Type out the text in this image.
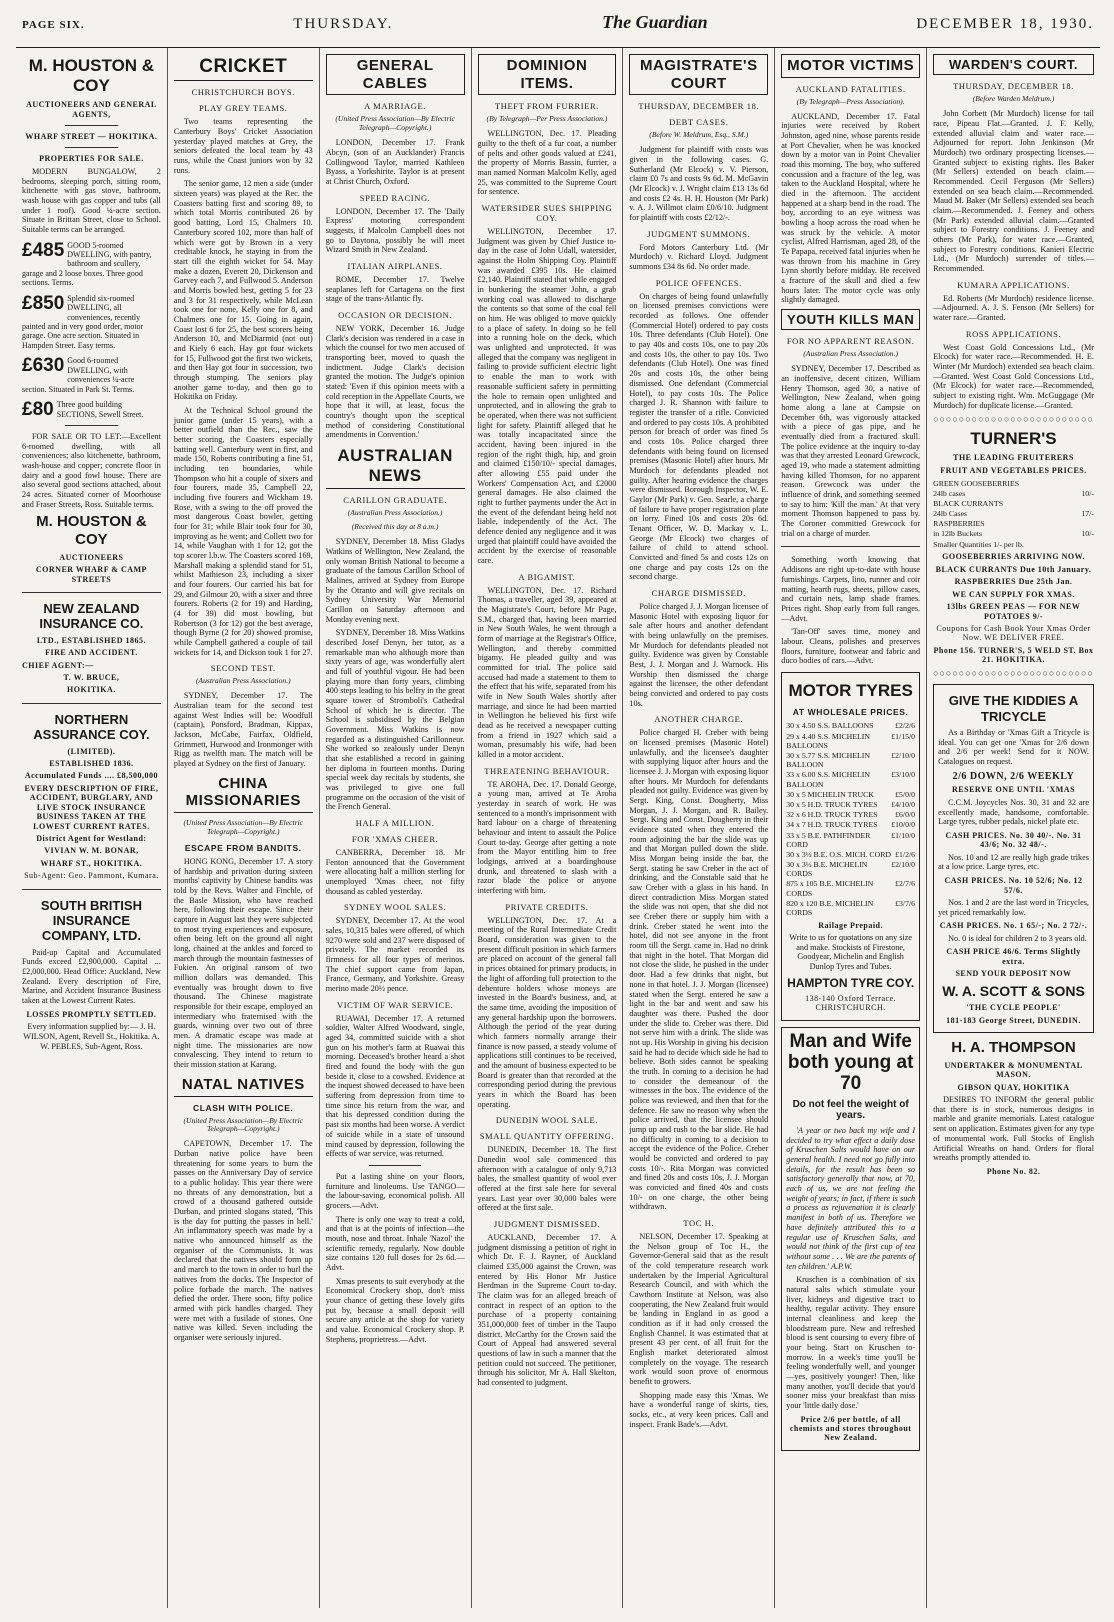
PAGE SIX.	THURSDAY.	The Guardian	DECEMBER 18, 1930.
M. HOUSTON & COY
AUCTIONEERS AND GENERAL AGENTS,
WHARF STREET — HOKITIKA.
PROPERTIES FOR SALE.

MODERN BUNGALOW, 2 bedrooms, sleeping porch, sitting room, kitchenette with gas stove, bathroom, wash house with gas copper and tubs (all under 1 roof). Good ¼-acre section. Situate in Brittan Street, close to School. Suitable terms can be arranged.

£485 GOOD 5-roomed DWELLING, with pantry, bathroom and scullery, garage and 2 loose boxes. Three good sections. Terms.
£850 Splendid six-roomed DWELLING, all conveniences, recently painted and in very good order, motor garage. One acre section. Situated in Hampden Street. Easy terms.
£630 Good 6-roomed DWELLING, with conveniences ¼-acre section. Situated in Park St. Terms.
£80 Three good building SECTIONS, Sewell Street.

FOR SALE OR TO LET:—Excellent 6-roomed dwelling, with all conveniences; also kitchenette, bathroom, wash-house and copper; concrete floor in dairy and a good fowl house. There are also several good sections attached, about 24 acres. Situated corner of Moorhouse and Fraser Streets, Ross. Suitable terms.

M. HOUSTON & COY
AUCTIONEERS
CORNER WHARF & CAMP STREETS
NEW ZEALAND INSURANCE CO.
LTD., ESTABLISHED 1865.
FIRE AND ACCIDENT.
CHIEF AGENT:—
T. W. BRUCE,
HOKITIKA.
NORTHERN ASSURANCE COY.
(LIMITED).
ESTABLISHED 1836.
Accumulated Funds .... £8,500,000

EVERY DESCRIPTION OF FIRE, ACCIDENT, BURGLARY, AND LIVE STOCK INSURANCE BUSINESS TAKEN AT THE LOWEST CURRENT RATES.

District Agent for Westland:
VIVIAN W. M. BONAR,
WHARF ST., HOKITIKA.
Sub-Agent: Geo. Pammont, Kumara.
SOUTH BRITISH INSURANCE COMPANY, LTD.

Paid-up Capital and Accumulated Funds exceed £2,900,000. Capital ... £2,000,000. Head Office: Auckland, New Zealand. Every description of Fire, Marine, and Accident Insurance Business taken at the Lowest Current Rates.

LOSSES PROMPTLY SETTLED.

Every information supplied by:— J. H. WILSON, Agent, Revell St., Hokitika. A. W. PEBLES, Sub-Agent, Ross.

CRICKET
CHRISTCHURCH BOYS.
PLAY GREY TEAMS.

Two teams representing the Canterbury Boys' Cricket Association yesterday played matches at Grey, the seniors defeated the local team by 43 runs, while the Coast juniors won by 32 runs.

The senior game, 12 men a side (under sixteen years) was played at the Rec. the Coasters batting first and scoring 89, to which total Morris contributed 26 by good batting, Lord 15, Chalmers 10. Canterbury scored 102, more than half of which were got by Brown in a very creditable knock, he staying in from the start till the eighth wicket for 54. May make a dozen, Everett 20, Dickenson and Garvey each 7, and Fullwood 5. Anderson and Morris bowled best, getting 5 for 23 and 3 for 31 respectively, while McLean took one for none, Kelly one for 8, and Chalmers one for 15. Going in again, Coast lost 6 for 25, the best scorers being Anderson 10, and McDiarmid (not out) and Kiely 6 each. Hay got four wickets for 15, Fullwood got the first two wickets, and then Hay got four in succession, two through stumping. The seniors play another game to-day, and then go to Hokitika on Friday.

At the Technical School ground the junior game (under 15 years), with a better outfield than the Rec., saw the better scoring, the Coasters especially batting well. Canterbury went in first, and made 150, Roberts contributing a fine 51, including ten boundaries, while Thompson who hit a couple of sixers and four fourers, made 35, Campbell 22, including five fourers and Wickham 19. Rose, with a swing to the off proved the most dangerous Coast bowler, getting four for 31; while Blair took four for 30, improving as he went; and Collett two for 14, while Vaughan with 1 for 12, got the top scorer l.b.w. The Coasters scored 169, Marshall making a splendid stand for 51, whilst Mathieson 23, including a sixer and four fourers. Our carried his bat for 29, and Gilmour 20, with a sixer and three fourers. Roberts (2 for 19) and Harding, (4 for 39) did most bowling, but Robertson (3 for 12) got the best average, though Byrne (2 for 20) showed promise, while Campbell gathered a couple of tail wickets for 14, and Dickson took 1 for 27.

SECOND TEST.
(Australian Press Association.)

SYDNEY, December 17. The Australian team for the second test against West Indies will be: Woodfull (captain), Ponsford, Bradman, Kippax, Jackson, McCabe, Fairfax, Oldfield, Grimmett, Hurwood and Ironmonger with Rigg as twelfth man. The match will be played at Sydney on the first of January.

CHINA MISSIONARIES
(United Press Association—By Electric Telegraph—Copyright.)
ESCAPE FROM BANDITS.

HONG KONG, December 17. A story of hardship and privation during sixteen months' captivity by Chinese bandits was told by the Revs. Walter and Finchle, of the Basle Mission, who have reached here, following their escape. Since their capture in August last they were subjected to most trying experiences and exposure, often being left on the ground all night long, chained at the ankles and forced to march through the mountain fastnesses of Fukien. An original ransom of two million dollars was demanded. This eventually was brought down to five thousand. The Chinese magistrate responsible for their escape, employed an intermediary who fraternised with the guards, winning over two out of three men. A dramatic escape was made at night time. The missionaries are now convalescing. They intend to return to their mission station at Karang.

NATAL NATIVES
CLASH WITH POLICE.
(United Press Association—By Electric Telegraph—Copyright.)

CAPETOWN, December 17. The Durban native police have been threatening for some years to burn the passes on the Anniversary Day of service to a public holiday. This year there were no threats of any demonstration, but a crowd of a thousand gathered outside Durban, and printed slogans stated, 'This is the day for putting the passes in hell.' An inflammatory speech was made by a native who announced himself as the organiser of the Communists. It was declared that the natives should form up and march to the town in order to hurl the natives from the docks. The Inspector of police forbade the march. The natives defied the order. There soon, fifty police armed with pick handles charged. They were met with a fusilade of stones. One native was killed. Seven including the organiser were seriously injured.

GENERAL CABLES
A MARRIAGE.
(United Press Association—By Electric Telegraph—Copyright.)

LONDON, December 17. Frank Abcyn, (son of an Aucklander) Francis Collingwood Taylor, married Kathleen Byass, a Yorkshirite. Taylor is at present at Christ Church, Oxford.

SPEED RACING.

LONDON, December 17. The 'Daily Express' motoring correspondent suggests, if Malcolm Campbell does not go to Daytona, possibly he will meet Wizard Smith in New Zealand.

ITALIAN AIRPLANES.

ROME, December 17. Twelve seaplanes left for Cartagena on the first stage of the trans-Atlantic fly.

OCCASION OR DECISION.

NEW YORK, December 16. Judge Clark's decision was rendered in a case in which the counsel for two men accused of transporting beer, moved to quash the indictment. Judge Clark's decision granted the motion. The Judge's opinion stated: 'Even if this opinion meets with a cold reception in the Appellate Courts, we hope that it will, at least, focus the country's thought upon the sceptical method of considering Constitutional amendments in Convention.'

AUSTRALIAN NEWS
CARILLON GRADUATE.
(Australian Press Association.)
(Received this day at 8 a.m.)

SYDNEY, December 18. Miss Gladys Watkins of Wellington, New Zealand, the only woman British National to become a graduate of the famous Carillon School of Malines, arrived at Sydney from Europe by the Otranto and will give recitals on Sydney University War Memorial Carillon on Saturday afternoon and Monday evening next.

SYDNEY, December 18. Miss Watkins described Josef Denyn, her tutor, as a remarkable man who although more than sixty years of age, was wonderfully alert and full of youthful vigour. He had been playing more than forty years, climbing 400 steps leading to his belfry in the great square tower of Stromboli's Cathedral School of which he is director. The School is subsidised by the Belgian Government. Miss Watkins is now regarded as a distinguished Carillonneur. She worked so zealously under Denyn that she established a record in gaining her diploma in fourteen months. During special week day recitals by students, she was privileged to give one full programme on the occasion of the visit of the French General.

HALF A MILLION.
FOR 'XMAS CHEER.

CANBERRA, December 18. Mr Fenton announced that the Government were allocating half a million sterling for unemployed 'Xmas cheer, not fifty thousand as cabled yesterday.

SYDNEY WOOL SALES.

SYDNEY, December 17. At the wool sales, 10,315 bales were offered, of which 9270 were sold and 237 were disposed of privately. The market recorded its firmness for all four types of merinos. The chief support came from Japan, France, Germany, and Yorkshire. Greasy merino made 20½ pence.

VICTIM OF WAR SERVICE.

RUAWAI, December 17. A returned soldier, Walter Alfred Woodward, single, aged 34, committed suicide with a shot gun on his mother's farm at Ruawai this morning. Deceased's brother heard a shot fired and found the body with the gun beside it, close to a cowshed. Evidence at the inquest showed deceased to have been suffering from depression from time to time since his return from the war, and that his depressed condition during the past six months had been worse. A verdict of suicide while in a state of unsound mind caused by depression, following the effects of war service, was returned.

Put a lasting shine on your floors, furniture and linoleums. Use TANGO—the labour-saving, economical polish. All grocers.—Advt.

There is only one way to treat a cold, and that is at the points of infection—the mouth, nose and throat. Inhale 'Nazol' the scientific remedy, regularly. Now double size contains 120 full doses for 2s 6d.—Advt.

Xmas presents to suit everybody at the Economical Crockery shop, don't miss your chance of getting these lovely gifts put by, because a small deposit will secure any article at the shop for variety and value. Economical Crockery shop. P. Stephens, proprietress.—Advt.

DOMINION ITEMS.
THEFT FROM FURRIER.
(By Telegraph—Per Press Association.)

WELLINGTON, Dec. 17. Pleading guilty to the theft of a fur coat, a number of pelts and other goods valued at £241, the property of Morris Bassin, furrier, a man named Norman Malcolm Kelly, aged 25, was committed to the Supreme Court for sentence.

WATERSIDER SUES SHIPPING COY.

WELLINGTON, December 17. Judgment was given by Chief Justice to-day in the case of John Udall, watersider, against the Holm Shipping Coy. Plaintiff was awarded £395 10s. He claimed £2,140. Plaintiff stated that while engaged in bunkering the steamer John, a grab working coal was allowed to discharge the contents so that some of the coal fell on him. He was obliged to move quickly to a place of safety. In doing so he fell into a running hole on the deck, which was unlighted and unprotected. It was alleged that the company was negligent in failing to provide sufficient electric light to enable the man to work with reasonable sufficient safety in permitting the hole to remain open unlighted and unprotected, and in allowing the grab to be operated, when there was not sufficient light for safety. Plaintiff alleged that he was totally incapacitated since the accident, having been injured in the region of the right thigh, hip, and groin and claimed £150/10/- special damages, after allowing £55 paid under the Workers' Compensation Act, and £2000 general damages. He also claimed the right to further payments under the Act in the event of the defendant being held not liable, independently of the Act. The defence denied any negligence and it was urged that plaintiff could have avoided the accident by the exercise of reasonable care.

A BIGAMIST.

WELLINGTON, Dec. 17. Richard Thomas, a traveller, aged 39, appeared at the Magistrate's Court, before Mr Page, S.M., charged that, having been married in New South Wales, he went through a form of marriage at the Registrar's Office, Wellington, and thereby committed bigamy. He pleaded guilty and was committed for trial. The police said accused had made a statement to them to the effect that his wife, separated from his wife in New South Wales shortly after marriage, and since he had been married in Wellington he believed his first wife dead as he received a newspaper cutting from a friend in 1927 which said a woman, presumably his wife, had been killed in a motor accident.

THREATENING BEHAVIOUR.

TE AROHA, Dec. 17. Donald George, a young man, arrived at Te Aroha yesterday in search of work. He was sentenced to a month's imprisonment with hard labour on a charge of threatening behaviour and intent to assault the Police Court to-day. George after getting a note from the Mayor entitling him to free lodgings, arrived at a boardinghouse drunk, and threatened to slash with a razor blade the police or anyone interfering with him.

PRIVATE CREDITS.

WELLINGTON, Dec. 17. At a meeting of the Rural Intermediate Credit Board, consideration was given to the present difficult position in which farmers are placed on account of the general fall in prices obtained for primary products, in the light of affording full protection to the debenture holders whose moneys are invested in the Board's business, and, at the same time, avoiding the imposition of any general hardship upon the borrowers. Although the period of the year during which farmers normally arrange their finance is now passed, a steady volume of applications still continues to be received, and the amount of business expected to be Board is greater than that recorded at the corresponding period during the previous years in which the Board has been operating.

DUNEDIN WOOL SALE.
SMALL QUANTITY OFFERING.

DUNEDIN, December 18. The first Dunedin wool sale commenced this afternoon with a catalogue of only 9,713 bales, the smallest quantity of wool ever offered at the first sale here for several years. Last year over 30,000 bales were offered at the first sale.

JUDGMENT DISMISSED.

AUCKLAND, December 17. A judgment dismissing a petition of right in which Dr. F. J. Rayner, of Auckland claimed £35,000 against the Crown, was entered by His Honor Mr Justice Herdman in the Supreme Court to-day. The claim was for an alleged breach of contract in respect of an option to the purchase of a property containing 351,000,000 feet of timber in the Taupo district. McCarthy for the Crown said the Court of Appeal had answered several questions of law in such a manner that the petition could not succeed. The petitioner, through his solicitor, Mr A. Hall Skelton, had consented to judgment.

MAGISTRATE'S COURT
THURSDAY, DECEMBER 18.
DEBT CASES.
(Before W. Meldrum, Esq., S.M.)

Judgment for plaintiff with costs was given in the following cases. G. Sutherland (Mr Elcock) v. V. Pierson, claim £0 7s and costs 9s 6d. M. McGavin (Mr Elcock) v. J. Wright claim £13 13s 6d and costs £2 4s. H. H. Houston (Mr Park) v. A. J. Willmot claim £0/6/10. Judgment for plaintiff with costs £2/12/-.

JUDGMENT SUMMONS.

Ford Motors Canterbury Ltd. (Mr Murdoch) v. Richard Lloyd. Judgment summons £34 8s 6d. No order made.

POLICE OFFENCES.

On charges of being found unlawfully on licensed premises convictions were recorded as follows. One offender (Commercial Hotel) ordered to pay costs 10s. Three defendants (Club Hotel). One to pay 40s and costs 10s, one to pay 20s and costs 10s, the other to pay 10s. Two defendants (Club Hotel). One was fined 20s and costs 10s, the other being dismissed. One defendant (Commercial Hotel), to pay costs 10s. The Police charged J. R. Shannon with failure to register the transfer of a rifle. Convicted and ordered to pay costs 10s. A prohibited person for breach of order was fined 5s and costs 10s. Police charged three defendants with being found on licensed premises (Masonic Hotel) after hours. Mr Murdoch for defendants pleaded not guilty. After hearing evidence the charges were dismissed. Borough Inspector, W. E. Gaylor (Mr Park) v. Geo. Searle, a charge of failure to have proper registration plate on lorry. Fined 10s and costs 20s 6d. Tenant Officer, W. D. Mackay v. L. George (Mr Elcock) two charges of failure of child to attend school. Convicted and fined 5s and costs 12s on one charge and pay costs 12s on the second charge.

CHARGE DISMISSED.

Police charged J. J. Morgan licensee of Masonic Hotel with exposing liquor for sale after hours and another defendant with being unlawfully on the premises. Mr Murdoch for defendants pleaded not guilty. Evidence was given by Constable Best, J. J. Morgan and J. Warnock. His Worship then dismissed the charge against the licensee, the other defendant being convicted and ordered to pay costs 10s.

ANOTHER CHARGE.

Police charged H. Creber with being on licensed premises (Masonic Hotel) unlawfully, and the licensee's daughter with supplying liquor after hours and the licensee J. J. Morgan with exposing liquor after hours. Mr Murdoch for defendants pleaded not guilty. Evidence was given by Sergt. King, Const. Dougherty, Miss Morgan, J. J. Morgan, and R. Bailey. Sergt. King and Const. Dougherty in their evidence stated when they entered the room adjoining the bar the slide was up and that Morgan pulled down the slide. Miss Morgan being inside the bar, the Sergt. stating he saw Creber in the act of drinking, and the Constable said that he saw Creber with a glass in his hand. In direct contradiction Miss Morgan stated the slide was not open, that she did not see Creber there or supply him with a drink. Creber stated he went into the hotel, did not see anyone in the front room till the Sergt. came in. Had no drink that night in the hotel. That Morgan did not close the slide, he pushed in the under door. Had a few drinks that night, but none in that hotel. J. J. Morgan (licensee) stated when the Sergt. entered he saw a light in the bar and went and saw his daughter was there. Pushed the door under the slide to. Creber was there. Did not serve him with a drink. The slide was not up. His Worship in giving his decision said he had to decide which side he had to believe. Both sides cannot be speaking the truth. In coming to a decision he had to consider the demeanour of the witnesses in the box. The evidence of the police was reviewed, and then that for the defence. He saw no reason why when the police arrived, that the licensee should jump up and rush to the bar slide. He had no difficulty in coming to a decision to accept the evidence of the Police. Creber would be convicted and ordered to pay costs 10/-. Rita Morgan was convicted and fined 20s and costs 10s, J. J. Morgan was convicted and fined 40s and costs 10/- on one charge, the other being withdrawn.

TOC H.

NELSON, December 17. Speaking at the Nelson group of Toc H., the Governor-General said that as the result of the cold temperature research work undertaken by the Imperial Agricultural Research Council, and with which the Cawthorn Institute at Nelson, was also cooperating, the New Zealand fruit would be landing in England in as good a condition as if it had only crossed the English Channel. It was estimated that at present 43 per cent. of all fruit for the English market deteriorated almost completely on the voyage. The research work would soon prove of enormous benefit to growers.

Shopping made easy this 'Xmas. We have a wonderful range of skirts, ties, socks, etc., at very keen prices. Call and inspect. Frank Bade's.—Advt.

MOTOR VICTIMS
AUCKLAND FATALITIES.
(By Telegraph—Press Association).

AUCKLAND, December 17. Fatal injuries were received by Robert Johnston, aged nine, whose parents reside at Port Chevalier, when he was knocked down by a motor van in Point Chevalier road this morning. The boy, who suffered concussion and a fracture of the leg, was taken to the Auckland Hospital, where he died in the afternoon. The accident happened at a sharp bend in the road. The boy, according to an eye witness was bowling a hoop across the road when he was struck by the vehicle. A motor cyclist, Alfred Harrisman, aged 28, of the Te Papapa, received fatal injuries when he was thrown from his machine in Grey Lynn shortly before midday. He received a fracture of the skull and died a few hours later. The motor cycle was only slightly damaged.

YOUTH KILLS MAN
FOR NO APPARENT REASON.
(Australian Press Association.)

SYDNEY, December 17. Described as an inoffensive, decent citizen, William Henry Thomson, aged 30, a native of Wellington, New Zealand, when going home along a lane at Campsie on December 6th, was vigorously attacked with a piece of gas pipe, and he eventually died from a fractured skull. The police evidence at the inquiry to-day was that they arrested Leonard Grewcock, aged 19, who made a statement admitting having killed Thomson, for no apparent reason. Grewcock was under the influence of drink, and something seemed to say to him: 'Kill the man.' At that very moment Thomson happened to pass by. The Coroner committed Grewcock for trial on a charge of murder.

Something worth knowing that Addisons are right up-to-date with house furnishings. Carpets, lino, runner and coir matting, hearth rugs, sheets, pillow cases, and curtain nets, lamp shade frames. Prices right. Shop early from full ranges.—Advt.

'Tan-Off' saves time, money and labour. Cleans, polishes and preserves floors, furniture, footwear and fabric and duco bodies of cars.—Advt.

MOTOR TYRES
AT WHOLESALE PRICES.
30 x 4.50 S.S. BALLOONS	£2/2/6
29 x 4.40 S.S. MICHELIN BALLOONS	£1/15/0
30 x 5.77 S.S. MICHELIN BALLOON	£2/10/0
33 x 6.00 S.S. MICHELIN BALLOON	£3/10/0
30 x 5 MICHELIN TRUCK	£5/0/0
30 x 5 H.D. TRUCK TYRES	£4/10/0
32 x 6 H.D. TRUCK TYRES	£6/0/0
34 x 7 H.D. TRUCK TYRES	£10/0/0
33 x 5 B.E. PATHFINDER CORD	£1/10/0
30 x 3½ B.E. O.S. MICH. CORD	£1/2/6
30 x 3½ B.E. MICHELIN CORDS	£2/10/0
875 x 105 B.E. MICHELIN CORDS	£2/7/6
820 x 120 B.E. MICHELIN CORDS	£3/7/6
Railage Prepaid.

Write to us for quotations on any size and make. Stockists of Firestone, Goodyear, Michelin and English Dunlop Tyres and Tubes.

HAMPTON TYRE COY.
138-140 Oxford Terrace. CHRISTCHURCH.
Man and Wife both young at 70
Do not feel the weight of years.

'A year or two back my wife and I decided to try what effect a daily dose of Kruschen Salts would have on our general health. I need not go fully into details, for the result has been so satisfactory generally that now, at 70, each of us, we are not feeling the weight of years; in fact, if there is such a process as rejuvenation it is clearly manifest in both of us. Therefore we have definitely attributed this to a regular use of Kruschen Salts, and would not think of the first cup of tea without some . . . We are the parents of ten children.' A.P.W.

Kruschen is a combination of six natural salts which stimulate your liver, kidneys and digestive tract to healthy, regular activity. They ensure internal cleanliness and keep the bloodstream pure. New and refreshed blood is sent coursing to every fibre of your being. Start on Kruschen to-morrow. In a week's time you'll be feeling wonderfully well, and younger—yes, positively younger! Then, like many another, you'll decide that you'd sooner miss your breakfast than miss your 'little daily dose.'

Price 2/6 per bottle, of all chemists and stores throughout New Zealand.
WARDEN'S COURT.
THURSDAY, DECEMBER 18.
(Before Warden Meldrum.)

John Corbett (Mr Murdoch) license for tail race, Pipeau Flat.—Granted. J. F. Kelly, extended alluvial claim and water race.—Adjourned for report. John Jenkinson (Mr Murdoch) two ordinary prospecting licenses.—Granted subject to existing rights. Iles Baker (Mr Sellers) extended on beach claim.—Recommended. Cecil Ferguson (Mr Sellers) extended on sea beach claim.—Recommended. Maud M. Baker (Mr Sellers) extended sea beach claim.—Recommended. J. Feeney and others (Mr Park) extended alluvial claim.—Granted subject to Forestry conditions. J. Feeney and others (Mr Park), for water race.—Granted, subject to Forestry conditions. Kanieri Electric Ltd., (Mr Murdoch) surrender of titles.—Recommended.

KUMARA APPLICATIONS.

Ed. Roberts (Mr Murdoch) residence license.—Adjourned. A. J. S. Fenson (Mr Sellers) for water race.—Granted.

ROSS APPLICATIONS.

West Coast Gold Concessions Ltd., (Mr Elcock) for water race.—Recommended. H. E. Winter (Mr Murdoch) extended sea beach claim.—Granted. West Coast Gold Concessions Ltd., (Mr Elcock) for water race.—Recommended, subject to existing right. Wm. McGuggage (Mr Murdoch) for duplicate license.—Granted.

○○○○○○○○○○○○○○○○○○○○○○○○○
TURNER'S
THE LEADING FRUITERERS
FRUIT AND VEGETABLES PRICES.
GREEN GOOSEBERRIES	
24lb cases	10/-
BLACK CURRANTS	
24lb Cases	17/-
RASPBERRIES	
in 12lb Buckets	10/-
Smaller Quantities 1/- per lb.	
GOOSEBERRIES ARRIVING NOW.
BLACK CURRANTS Due 10th January.
RASPBERRIES Due 25th Jan.
WE CAN SUPPLY FOR XMAS.
13lbs GREEN PEAS — FOR NEW POTATOES 9/-
Coupons for Cash Book Your Xmas Order Now. WE DELIVER FREE.
Phone 156. TURNER'S, 5 WELD ST. Box 21. HOKITIKA.
○○○○○○○○○○○○○○○○○○○○○○○○○
GIVE THE KIDDIES A TRICYCLE

As a Birthday or 'Xmas Gift a Tricycle is ideal. You can get one 'Xmas for 2/6 down and 2/6 per week! Send for it NOW. Catalogues on request.

2/6 DOWN, 2/6 WEEKLY
RESERVE ONE UNTIL 'XMAS

C.C.M. Joycycles Nos. 30, 31 and 32 are excellently made, handsome, comfortable. Large tyres, rubber pedals, nickel plate etc.

CASH PRICES. No. 30 40/-. No. 31 43/6; No. 32 48/-.

Nos. 10 and 12 are really high grade trikes at a low price. Large tyres, etc.

CASH PRICES. No. 10 52/6; No. 12 57/6.

Nos. 1 and 2 are the last word in Tricycles, yet priced remarkably low.

CASH PRICES. No. 1 65/-; No. 2 72/-.

No. 0 is ideal for children 2 to 3 years old.

CASH PRICE 46/6. Terms Slightly extra.
SEND YOUR DEPOSIT NOW
W. A. SCOTT & SONS
'THE CYCLE PEOPLE'
181-183 George Street, DUNEDIN.
H. A. THOMPSON
UNDERTAKER & MONUMENTAL MASON.
GIBSON QUAY, HOKITIKA

DESIRES TO INFORM the general public that there is in stock, numerous designs in marble and granite memorials. Latest catalogue sent on application. Estimates given for any type of monumental work. Full Stocks of English Artificial Wreaths on hand. Orders for floral wreaths promptly attended to.

Phone No. 82.
